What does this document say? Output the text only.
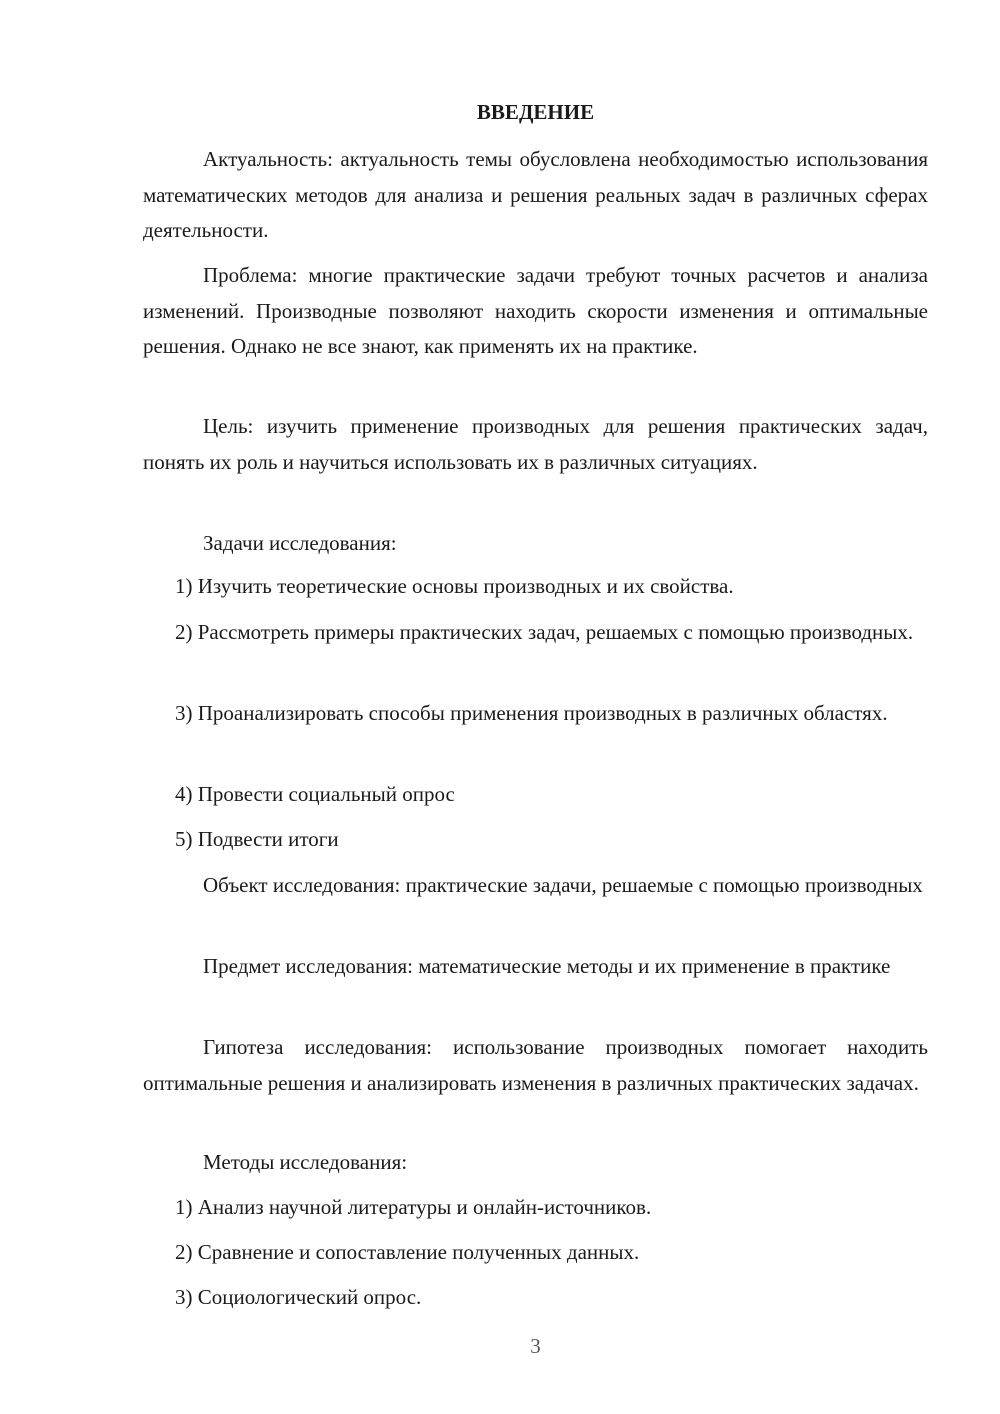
ВВЕДЕНИЕ

Актуальность: актуальность темы обусловлена необходимостью использования математических методов для анализа и решения реальных задач в различных сферах деятельности.

Проблема: многие практические задачи требуют точных расчетов и анализа изменений. Производные позволяют находить скорости изменения и оптимальные решения. Однако не все знают, как применять их на практике.

Цель: изучить применение производных для решения практических задач, понять их роль и научиться использовать их в различных ситуациях.

Задачи исследования:

1) Изучить теоретические основы производных и их свойства.

2) Рассмотреть примеры практических задач, решаемых с помощью производных.

3) Проанализировать способы применения производных в различных областях.

4) Провести социальный опрос

5) Подвести итоги

Объект исследования: практические задачи, решаемые с помощью производных

Предмет исследования: математические методы и их применение в практике

Гипотеза исследования: использование производных помогает находить оптимальные решения и анализировать изменения в различных практических задачах.

Методы исследования:

1) Анализ научной литературы и онлайн-источников.

2) Сравнение и сопоставление полученных данных.

3) Социологический опрос.

3
